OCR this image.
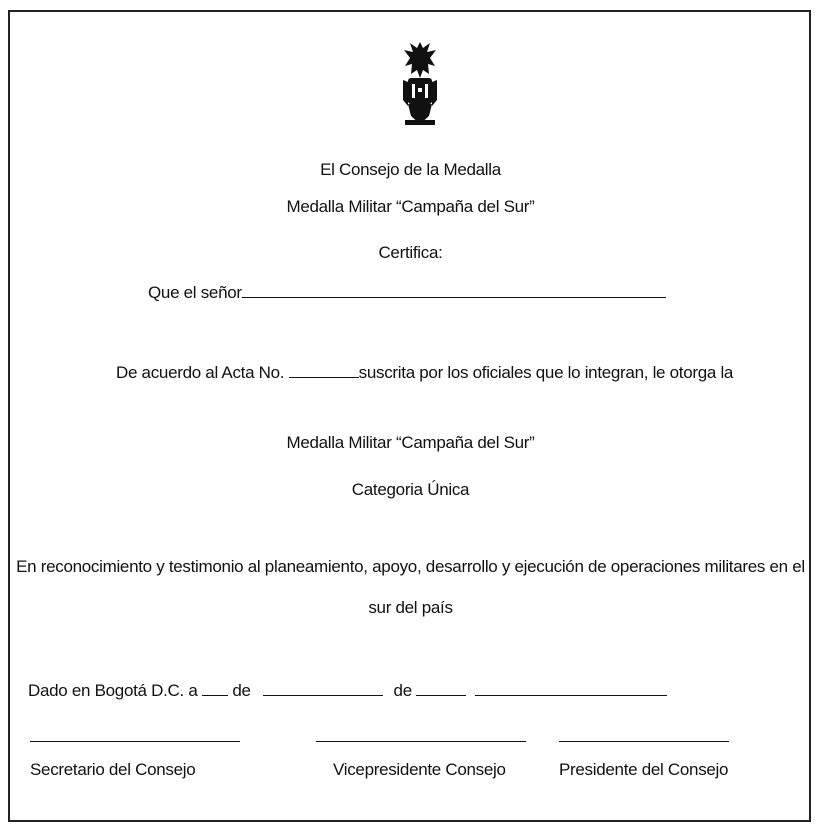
El Consejo de la Medalla
Medalla Militar “Campaña del Sur”
Certifica:
Que el señor
De acuerdo al Acta No.	suscrita por los oficiales que lo integran, le otorga la
Medalla Militar “Campaña del Sur”
Categoria Única
En reconocimiento y testimonio al planeamiento, apoyo, desarrollo y ejecución de operaciones militares en el
sur del país
Dado en Bogotá D.C. a de	de
Secretario del Consejo	Vicepresidente Consejo	Presidente del Consejo
